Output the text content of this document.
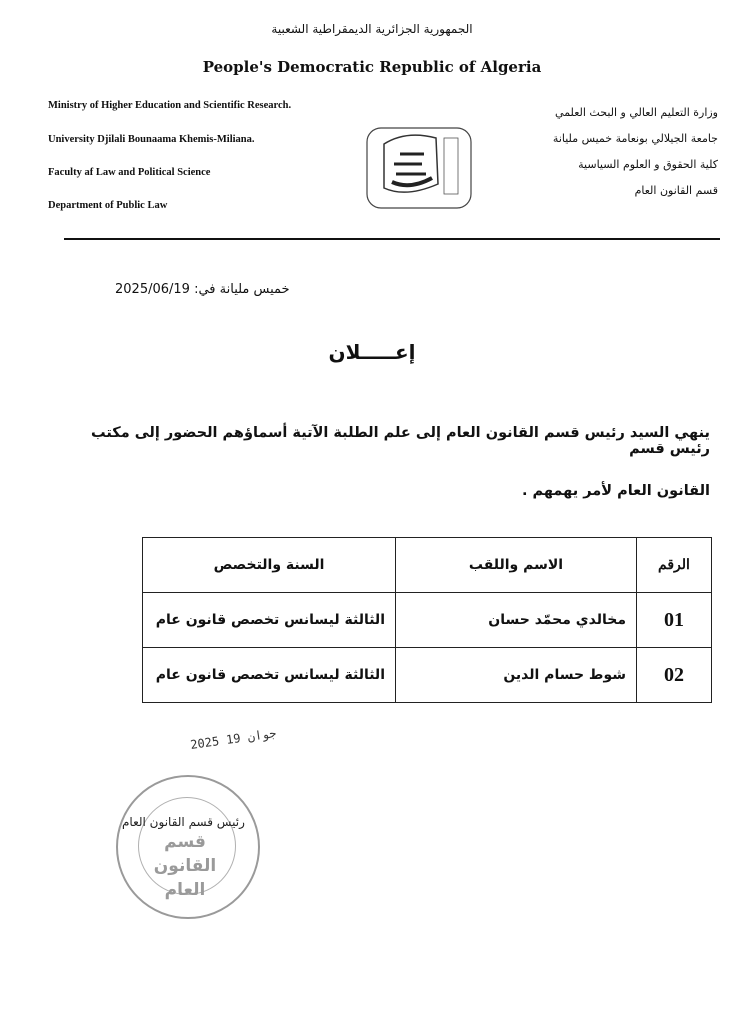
الجمهورية الجزائرية الديمقراطية الشعبية
People's Democratic Republic of Algeria
Ministry of Higher Education and Scientific Research.
University Djilali Bounaama Khemis-Miliana.
Faculty af Law and Political Science
Department of Public Law
وزارة التعليم العالي و البحث العلمي
جامعة الجيلالي بونعامة خميس مليانة
كلية الحقوق و العلوم السياسية
قسم القانون العام
خميس مليانة في: 2025/06/19
إعـــــلان
ينهي السيد رئيس قسم القانون العام إلى علم الطلبة الآتية أسماؤهم الحضور إلى مكتب رئيس قسم
القانون العام لأمر يهمهم .
الرقم	الاسم واللقب	السنة والتخصص
01	مخالدي محمّد حسان	الثالثة ليسانس تخصص قانون عام
02	شوط حسام الدين	الثالثة ليسانس تخصص قانون عام
2025 جوان 19
قسم القانون العام
رئيس قسم القانون العام
